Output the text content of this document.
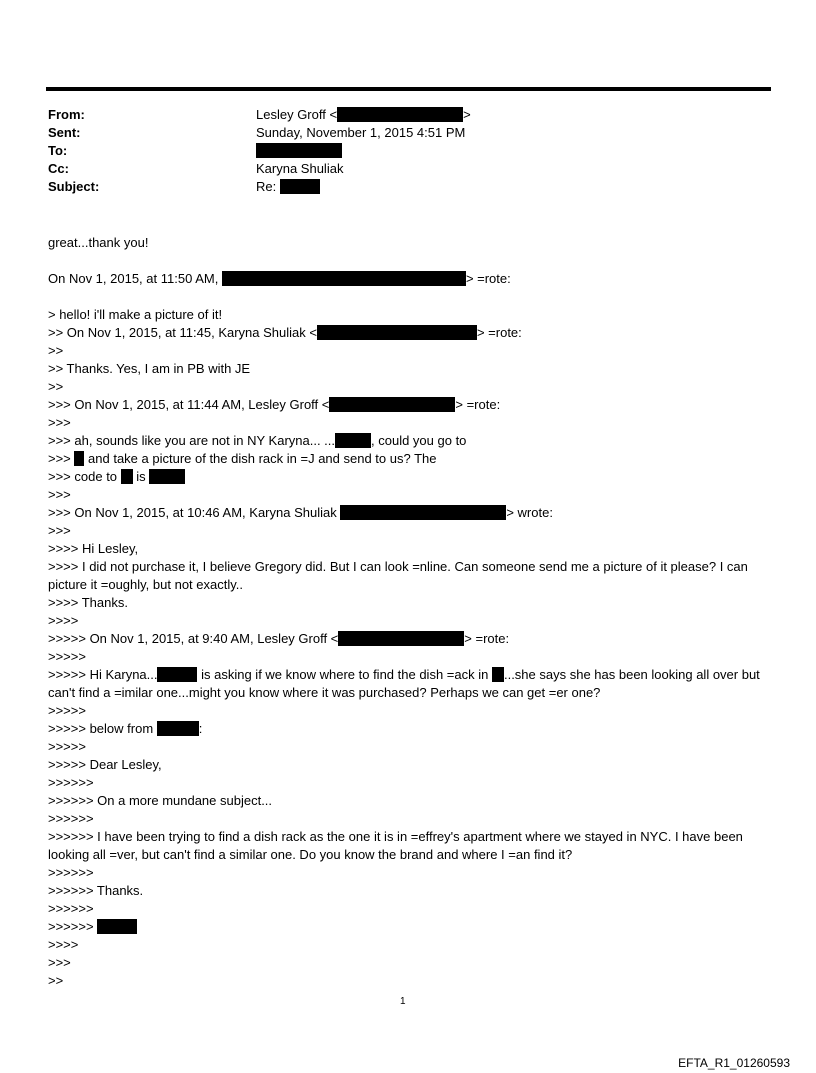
From:	Lesley Groff <	>
Sent:	Sunday, November 1, 2015 4:51 PM
To:
Cc:	Karyna Shuliak
Subject:	Re:
great...thank you!
On Nov 1, 2015, at 11:50 AM,	> =rote:
> hello! i'll make a picture of it!
>> On Nov 1, 2015, at 11:45, Karyna Shuliak <	> =rote:
>>
>> Thanks. Yes, I am in PB with JE
>>
>>> On Nov 1, 2015, at 11:44 AM, Lesley Groff <	> =rote:
>>>
>>> ah, sounds like you are not in NY Karyna... ...	, could you go to
>>> and take a picture of the dish rack in =J and send to us? The
>>> code to is
>>>
>>> On Nov 1, 2015, at 10:46 AM, Karyna Shuliak	> wrote:
>>>
>>>> Hi Lesley,
>>>> I did not purchase it, I believe Gregory did. But I can look =nline. Can someone send me a picture of it please? I can picture it =oughly, but not exactly..
>>>> Thanks.
>>>>
>>>>> On Nov 1, 2015, at 9:40 AM, Lesley Groff <	> =rote:
>>>>>
>>>>> Hi Karyna...	is asking if we know where to find the dish =ack in ...she says she has been looking all over but can't find a =imilar one...might you know where it was purchased? Perhaps we can get =er one?
>>>>>
>>>>> below from	:
>>>>>
>>>>> Dear Lesley,
>>>>>>
>>>>>> On a more mundane subject...
>>>>>>
>>>>>> I have been trying to find a dish rack as the one it is in =effrey's apartment where we stayed in NYC. I have been looking all =ver, but can't find a similar one. Do you know the brand and where I =an find it?
>>>>>>
>>>>>> Thanks.
>>>>>>
>>>>>>
>>>>
>>>
>>
1
EFTA_R1_01260593
